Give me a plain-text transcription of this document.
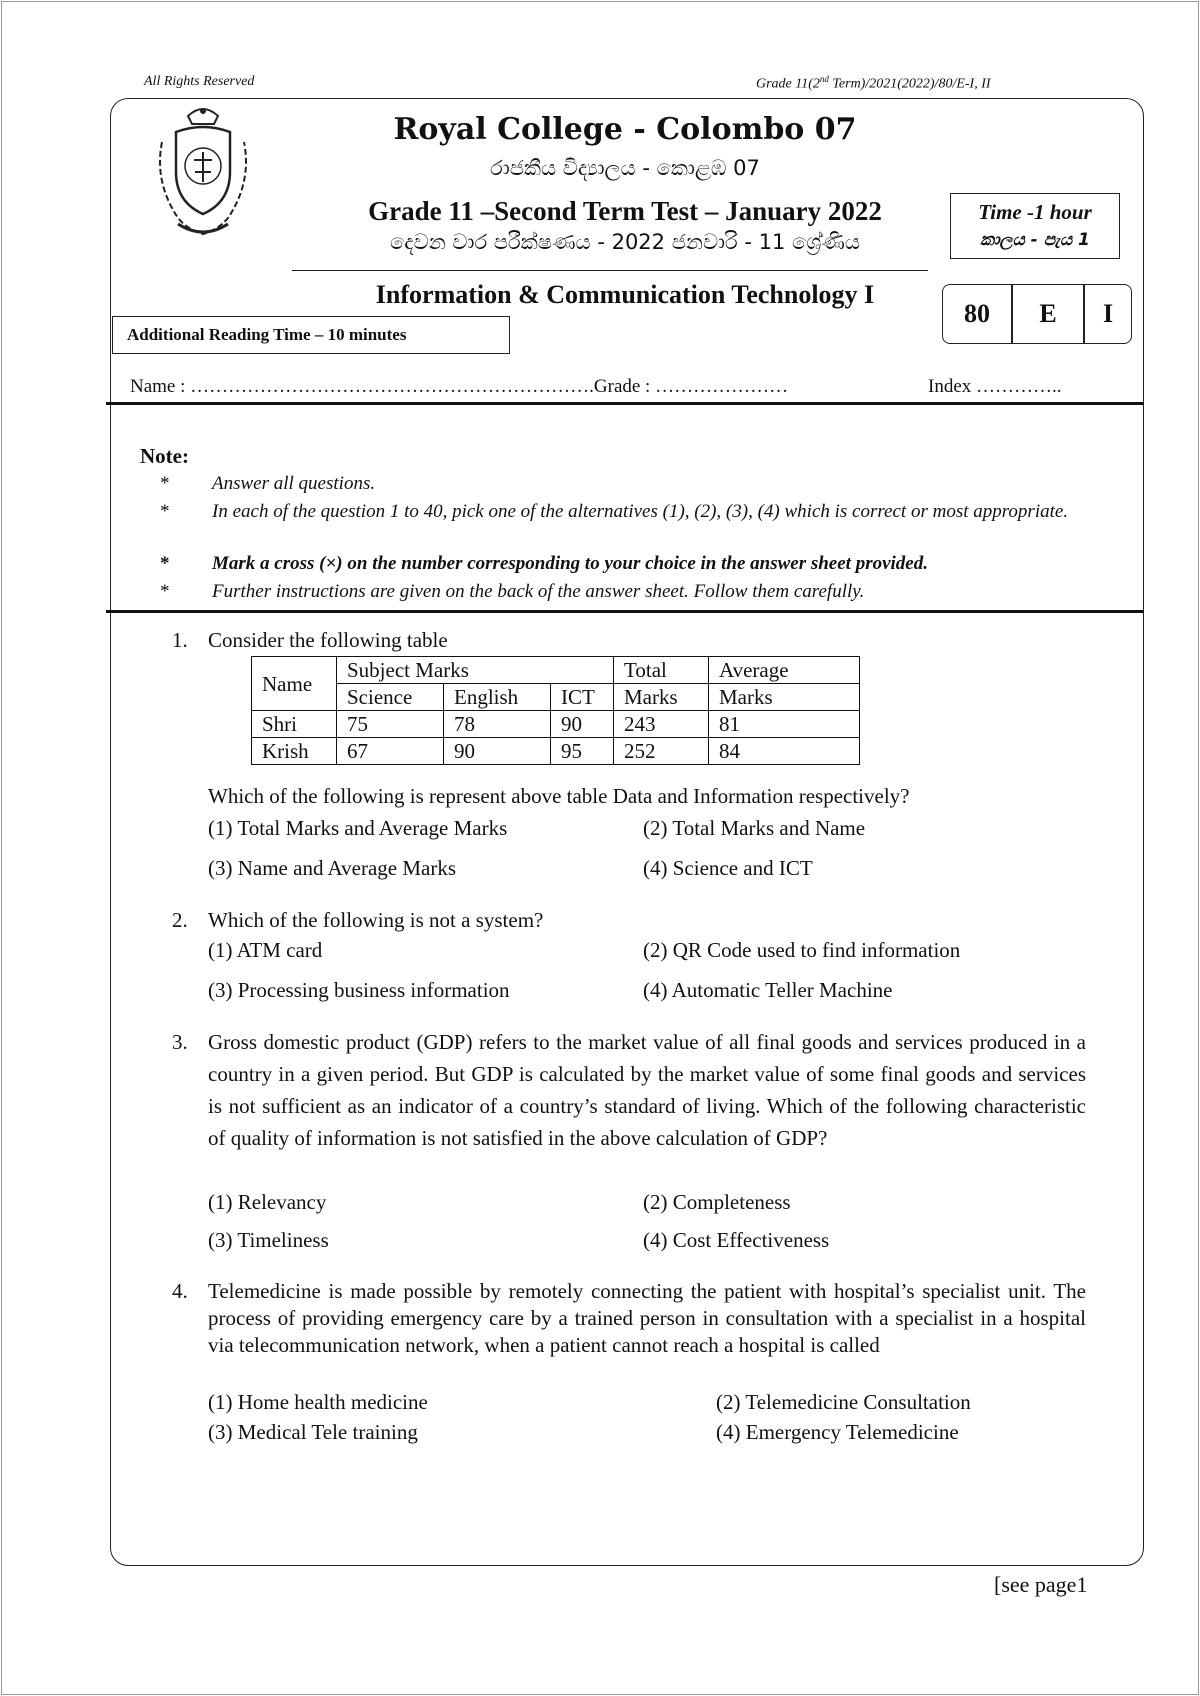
All Rights Reserved	Grade 11(2nd Term)/2021(2022)/80/E-I, II
Royal College - Colombo 07
රාජකීය විද්‍යාලය - කොළඹ 07
Grade 11 –Second Term Test – January 2022
දෙවන වාර පරීක්ෂණය - 2022 ජනවාරි - 11 ශ්‍රේණිය
Time -1 hour
කාලය - පැය 1
Information & Communication Technology I
80	E	I
Additional Reading Time – 10 minutes
Name : ……………………………………………………….Grade : …………………	Index …………..
Note:
* Answer all questions.
* In each of the question 1 to 40, pick one of the alternatives (1), (2), (3), (4) which is correct or most appropriate.
* Mark a cross (×) on the number corresponding to your choice in the answer sheet provided.
* Further instructions are given on the back of the answer sheet. Follow them carefully.
1. Consider the following table
Name	Subject Marks			Total	Average
	Science	English	ICT	Marks	Marks
Shri	75	78	90	243	81
Krish	67	90	95	252	84
Which of the following is represent above table Data and Information respectively?
(1) Total Marks and Average Marks	(2) Total Marks and Name
(3) Name and Average Marks	(4) Science and ICT
2. Which of the following is not a system?
(1) ATM card	(2) QR Code used to find information
(3) Processing business information	(4) Automatic Teller Machine
3. Gross domestic product (GDP) refers to the market value of all final goods and services produced in a country in a given period. But GDP is calculated by the market value of some final goods and services is not sufficient as an indicator of a country’s standard of living. Which of the following characteristic of quality of information is not satisfied in the above calculation of GDP?
(1) Relevancy	(2) Completeness
(3) Timeliness	(4) Cost Effectiveness
4. Telemedicine is made possible by remotely connecting the patient with hospital’s specialist unit. The process of providing emergency care by a trained person in consultation with a specialist in a hospital via telecommunication network, when a patient cannot reach a hospital is called
(1) Home health medicine	(2) Telemedicine Consultation
(3) Medical Tele training	(4) Emergency Telemedicine
[see page1
